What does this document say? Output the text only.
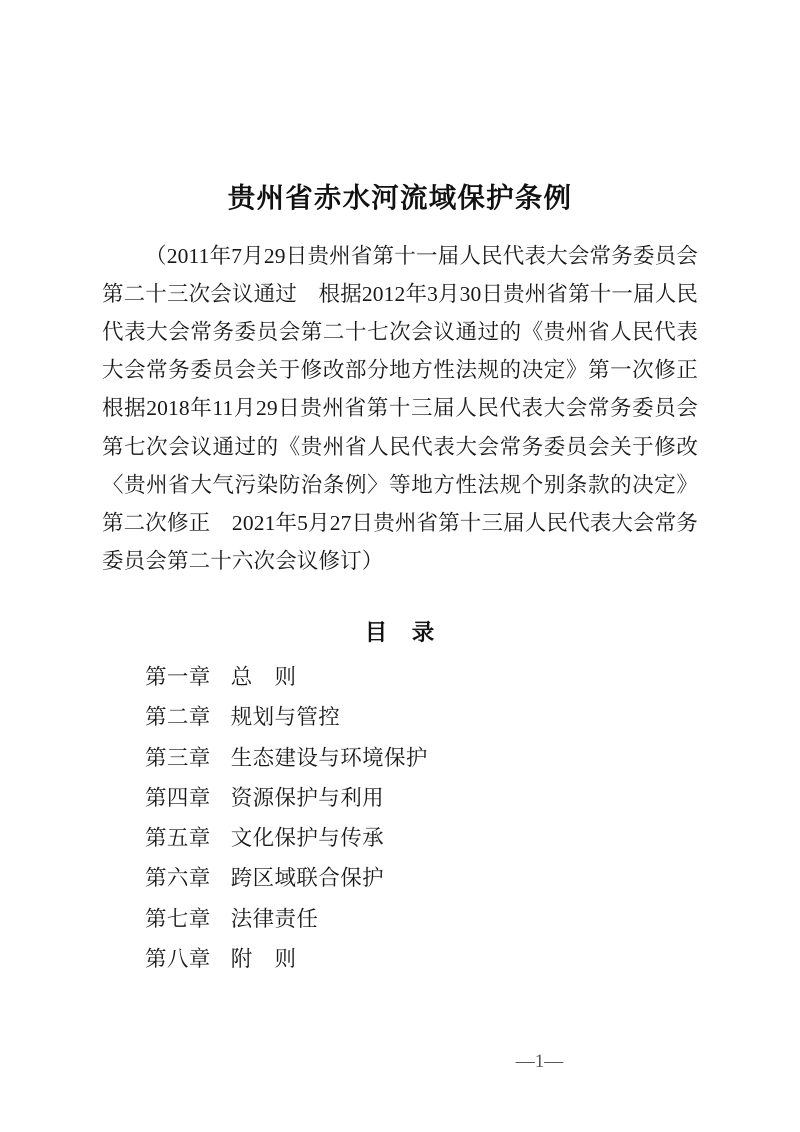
贵州省赤水河流域保护条例

（2011年7月29日贵州省第十一届人民代表大会常务委员会第二十三次会议通过　根据2012年3月30日贵州省第十一届人民代表大会常务委员会第二十七次会议通过的《贵州省人民代表大会常务委员会关于修改部分地方性法规的决定》第一次修正　根据2018年11月29日贵州省第十三届人民代表大会常务委员会第七次会议通过的《贵州省人民代表大会常务委员会关于修改〈贵州省大气污染防治条例〉等地方性法规个别条款的决定》第二次修正　2021年5月27日贵州省第十三届人民代表大会常务委员会第二十六次会议修订）

目　录
第一章 总　则
第二章 规划与管控
第三章 生态建设与环境保护
第四章 资源保护与利用
第五章 文化保护与传承
第六章 跨区域联合保护
第七章 法律责任
第八章 附　则

—1—
